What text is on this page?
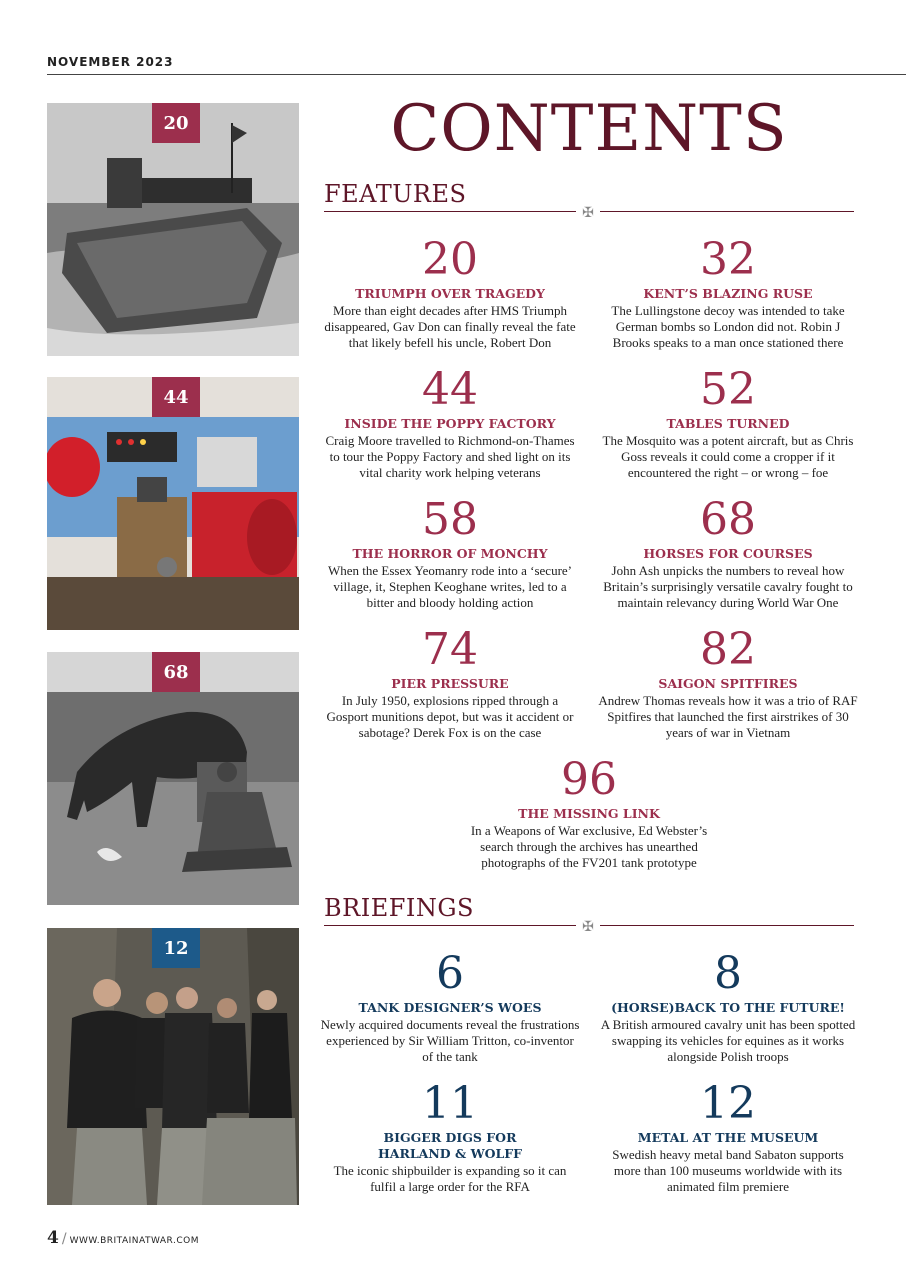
NOVEMBER 2023
20
44
68
12
CONTENTS
FEATURES
✠
20
TRIUMPH OVER TRAGEDY
More than eight decades after HMS Triumph disappeared, Gav Don can finally reveal the fate that likely befell his uncle, Robert Don
32
KENT’S BLAZING RUSE
The Lullingstone decoy was intended to take German bombs so London did not. Robin J Brooks speaks to a man once stationed there
44
INSIDE THE POPPY FACTORY
Craig Moore travelled to Richmond-on-Thames to tour the Poppy Factory and shed light on its vital charity work helping veterans
52
TABLES TURNED
The Mosquito was a potent aircraft, but as Chris Goss reveals it could come a cropper if it encountered the right – or wrong – foe
58
THE HORROR OF MONCHY
When the Essex Yeomanry rode into a ‘secure’ village, it, Stephen Keoghane writes, led to a bitter and bloody holding action
68
HORSES FOR COURSES
John Ash unpicks the numbers to reveal how Britain’s surprisingly versatile cavalry fought to maintain relevancy during World War One
74
PIER PRESSURE
In July 1950, explosions ripped through a Gosport munitions depot, but was it accident or sabotage? Derek Fox is on the case
82
SAIGON SPITFIRES
Andrew Thomas reveals how it was a trio of RAF Spitfires that launched the first airstrikes of 30 years of war in Vietnam
96
THE MISSING LINK
In a Weapons of War exclusive, Ed Webster’s search through the archives has unearthed photographs of the FV201 tank prototype
BRIEFINGS
✠
6
TANK DESIGNER’S WOES
Newly acquired documents reveal the frustrations experienced by Sir William Tritton, co-inventor of the tank
8
(HORSE)BACK TO THE FUTURE!
A British armoured cavalry unit has been spotted swapping its vehicles for equines as it works alongside Polish troops
11
BIGGER DIGS FOR HARLAND & WOLFF
The iconic shipbuilder is expanding so it can fulfil a large order for the RFA
12
METAL AT THE MUSEUM
Swedish heavy metal band Sabaton supports more than 100 museums worldwide with its animated film premiere
4 / WWW.BRITAINATWAR.COM
